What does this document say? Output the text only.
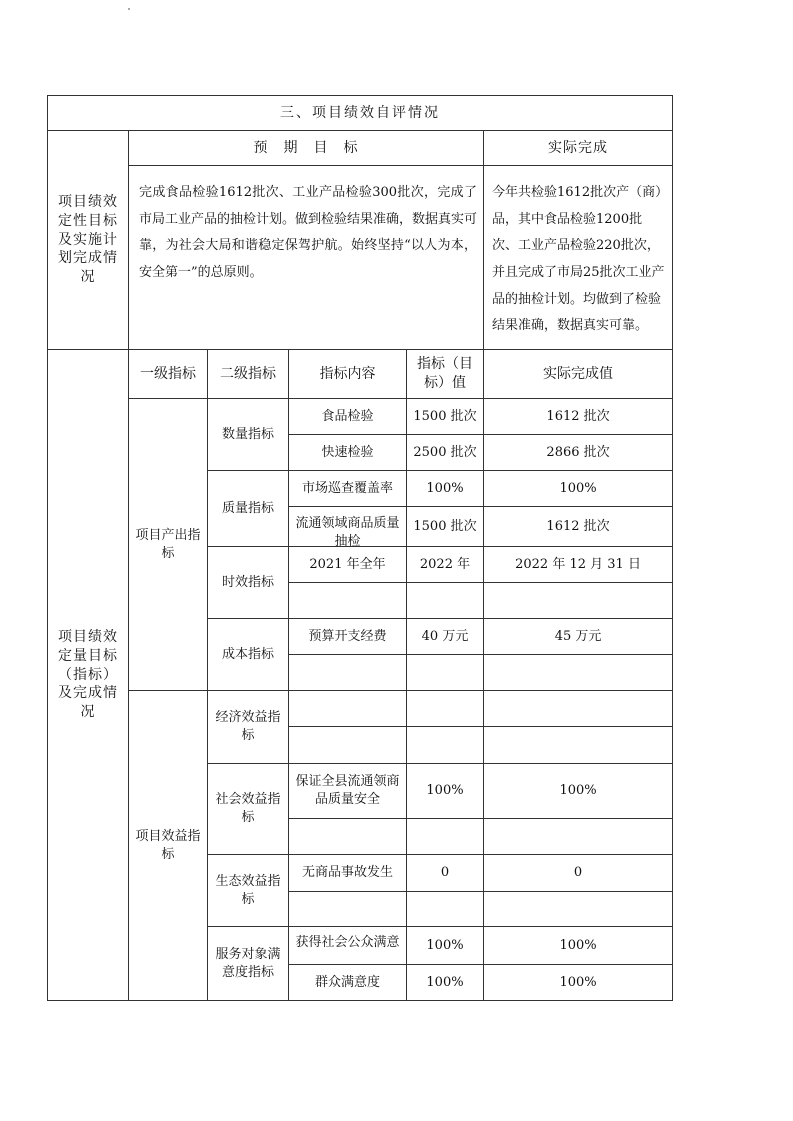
三、项目绩效自评情况					
项目绩效定性目标及实施计划完成情况	预　期　目　标				实际完成
	完成食品检验1612批次、工业产品检验300批次，完成了市局工业产品的抽检计划。做到检验结果准确，数据真实可靠，为社会大局和谐稳定保驾护航。始终坚持“以人为本，安全第一”的总原则。				今年共检验1612批次产（商）品，其中食品检验1200批次、工业产品检验220批次，并且完成了市局25批次工业产品的抽检计划。均做到了检验结果准确，数据真实可靠。
项目绩效定量目标（指标）及完成情况	一级指标	二级指标	指标内容	指标（目标）值	实际完成值
	项目产出指标	数量指标	食品检验	1500 批次	1612 批次
			快速检验	2500 批次	2866 批次
		质量指标	市场巡查覆盖率	100%	100%

			流通领域商品质量抽检	1500 批次	1612 批次
		时效指标	2021 年全年	2022 年	2022 年 12 月 31 日

		成本指标	预算开支经费	40 万元	45 万元

	项目效益指标	经济效益指标			

		社会效益指标	保证全县流通领商品质量安全	100%	100%

		生态效益指标	无商品事故发生	0	0

		服务对象满意度指标	获得社会公众满意	100%	100%
			群众满意度	100%	100%
